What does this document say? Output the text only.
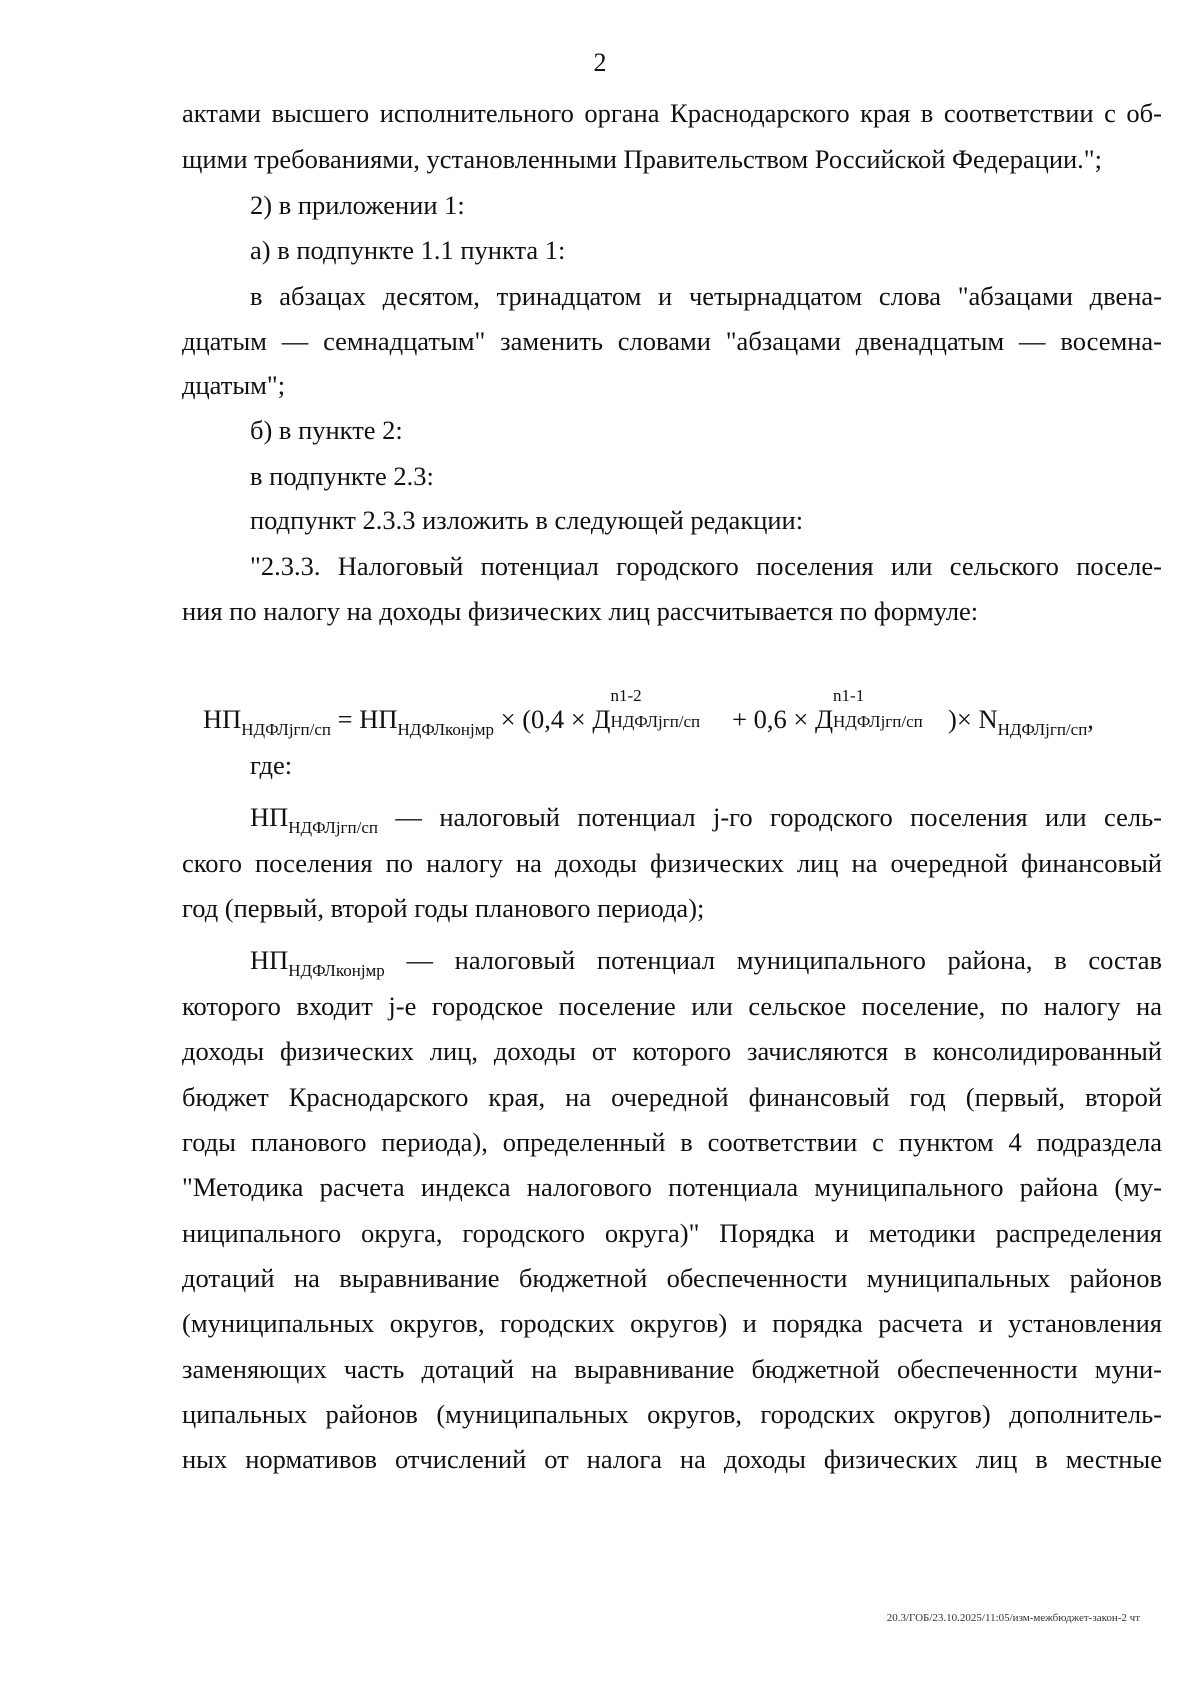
2
актами высшего исполнительного органа Краснодарского края в соответствии с об-
щими требованиями, установленными Правительством Российской Федерации.";
2) в приложении 1:
а) в подпункте 1.1 пункта 1:
в абзацах десятом, тринадцатом и четырнадцатом слова "абзацами двена-
дцатым — семнадцатым" заменить словами "абзацами двенадцатым — восемна-
дцатым";
б) в пункте 2:
в подпункте 2.3:
подпункт 2.3.3 изложить в следующей редакции:
"2.3.3. Налоговый потенциал городского поселения или сельского поселе-
ния по налогу на доходы физических лиц рассчитывается по формуле:
$НП_{НДФЛjгп/сп} = НП_{НДФЛконjмр} \times (0,4 \times Д$
n1-2
НДФЛjгп/сп + 0,6 × Д
n1-1
НДФЛjгп/сп )× $N_{НДФЛjгп/сп}$,
где:
$НП_{НДФЛjгп/сп}$ — налоговый потенциал j-го городского поселения или сель-
ского поселения по налогу на доходы физических лиц на очередной финансовый
год (первый, второй годы планового периода);
$НП_{НДФЛконjмр}$ — налоговый потенциал муниципального района, в состав
которого входит j-е городское поселение или сельское поселение, по налогу на
доходы физических лиц, доходы от которого зачисляются в консолидированный
бюджет Краснодарского края, на очередной финансовый год (первый, второй
годы планового периода), определенный в соответствии с пунктом 4 подраздела
"Методика расчета индекса налогового потенциала муниципального района (му-
ниципального округа, городского округа)" Порядка и методики распределения
дотаций на выравнивание бюджетной обеспеченности муниципальных районов
(муниципальных округов, городских округов) и порядка расчета и установления
заменяющих часть дотаций на выравнивание бюджетной обеспеченности муни-
ципальных районов (муниципальных округов, городских округов) дополнитель-
ных нормативов отчислений от налога на доходы физических лиц в местные
20.3/ГОБ/23.10.2025/11:05/изм-межбюджет-закон-2 чт
